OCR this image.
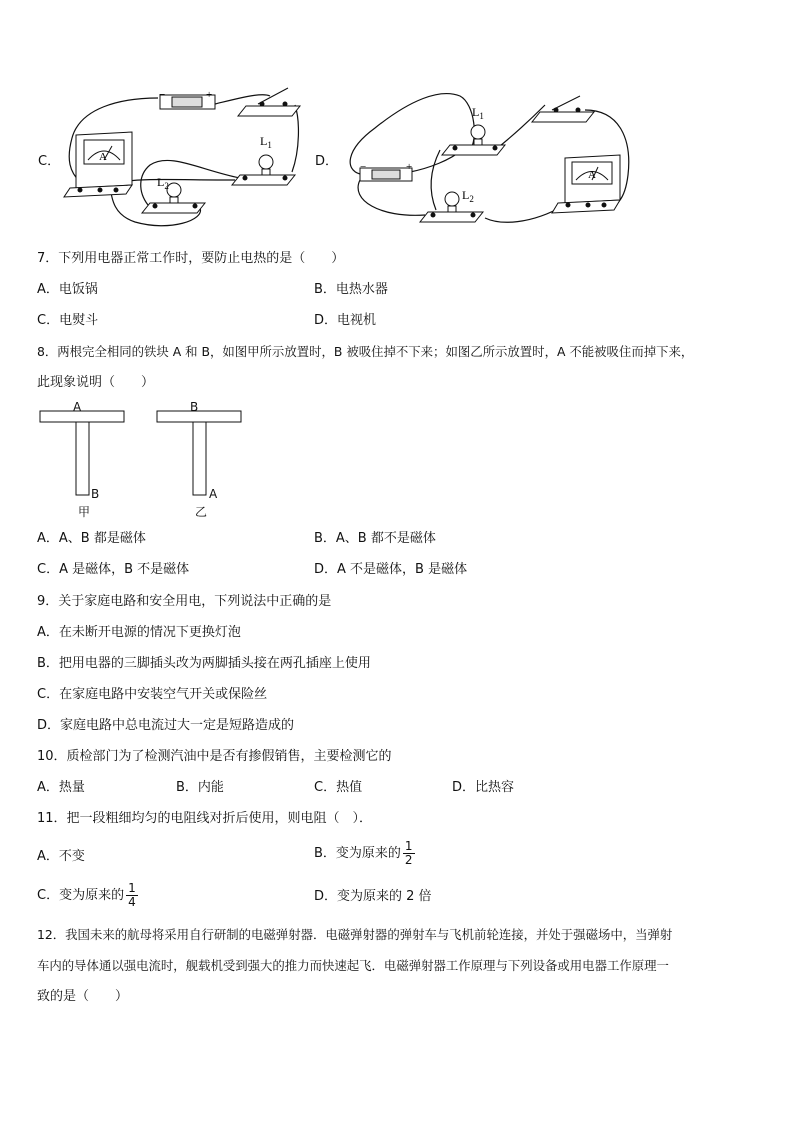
C．	D．
−	+
A
$L_1$
$L_2$
−	+
$L_1$
$L_2$
A
7．下列用电器正常工作时，要防止电热的是（　　）
A．电饭锅	B．电热水器
C．电熨斗	D．电视机
8．两根完全相同的铁块 A 和 B，如图甲所示放置时，B 被吸住掉不下来；如图乙所示放置时，A 不能被吸住而掉下来，
此现象说明（　　）
A
B
甲
B
A
乙
A．A、B 都是磁体	B．A、B 都不是磁体
C．A 是磁体，B 不是磁体	D．A 不是磁体，B 是磁体
9．关于家庭电路和安全用电，下列说法中正确的是
A．在未断开电源的情况下更换灯泡
B．把用电器的三脚插头改为两脚插头接在两孔插座上使用
C．在家庭电路中安装空气开关或保险丝
D．家庭电路中总电流过大一定是短路造成的
10．质检部门为了检测汽油中是否有掺假销售，主要检测它的
A．热量	B．内能	C．热值	D．比热容
11．把一段粗细均匀的电阻线对折后使用，则电阻（　）．
A．不变	B．变为原来的 $\frac{1}{2}$
C．变为原来的 $\frac{1}{4}$	D．变为原来的 2 倍
12．我国未来的航母将采用自行研制的电磁弹射器．电磁弹射器的弹射车与飞机前轮连接，并处于强磁场中，当弹射
车内的导体通以强电流时，舰载机受到强大的推力而快速起飞．电磁弹射器工作原理与下列设备或用电器工作原理一
致的是（　　）
